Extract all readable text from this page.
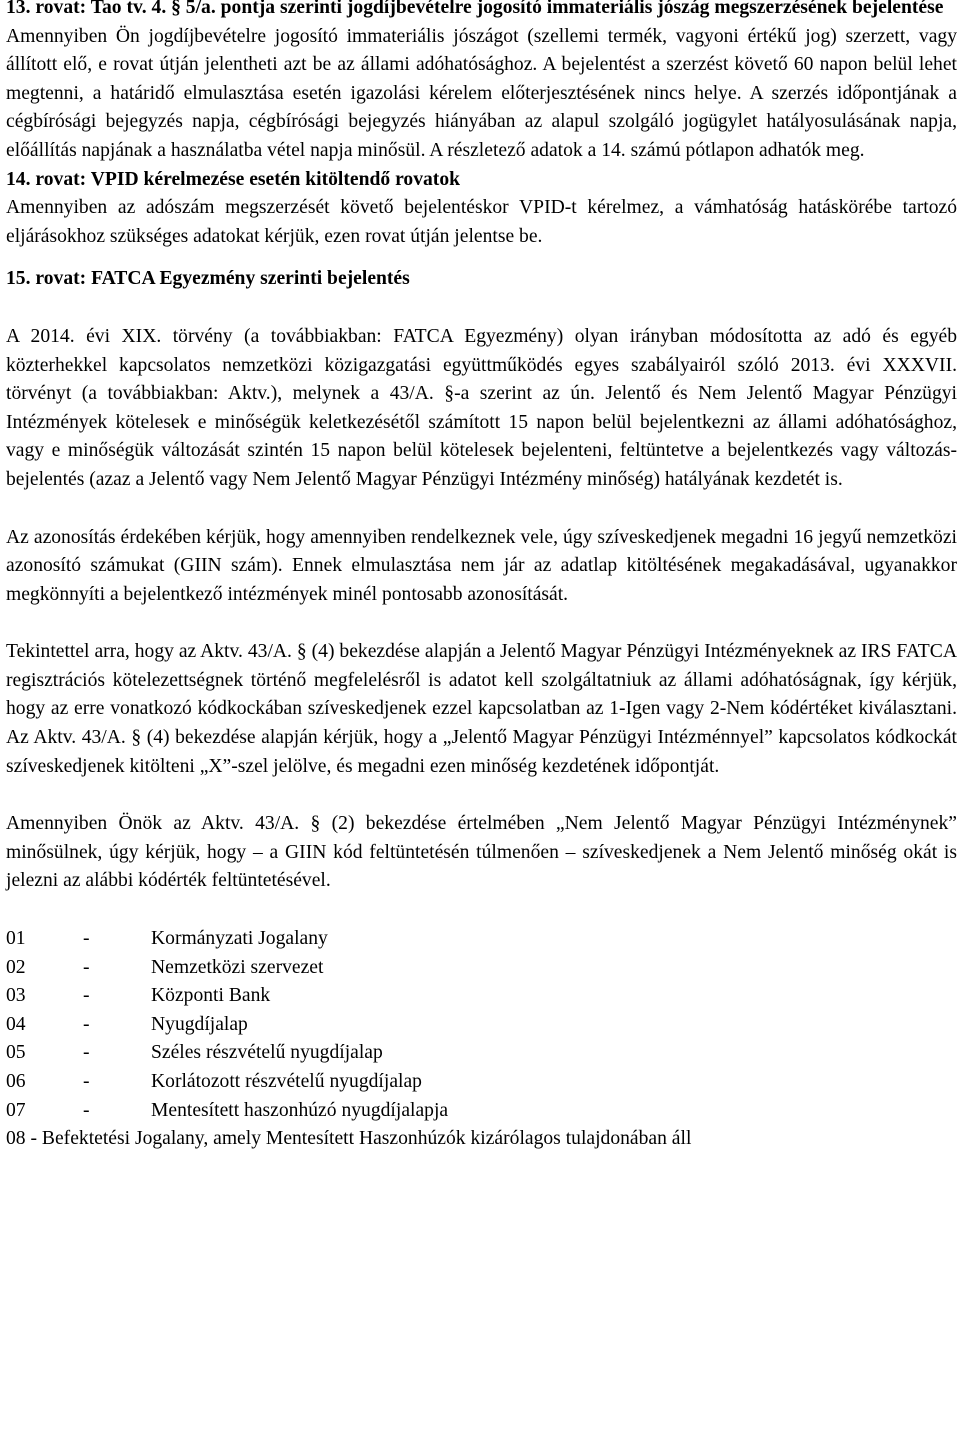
13. rovat: Tao tv. 4. § 5/a. pontja szerinti jogdíjbevételre jogosító immateriális jószág megszerzésének bejelentése

Amennyiben Ön jogdíjbevételre jogosító immateriális jószágot (szellemi termék, vagyoni értékű jog) szerzett, vagy állított elő, e rovat útján jelentheti azt be az állami adóhatósághoz. A bejelentést a szerzést követő 60 napon belül lehet megtenni, a határidő elmulasztása esetén igazolási kérelem előterjesztésének nincs helye. A szerzés időpontjának a cégbírósági bejegyzés napja, cégbírósági bejegyzés hiányában az alapul szolgáló jogügylet hatályosulásának napja, előállítás napjának a használatba vétel napja minősül. A részletező adatok a 14. számú pótlapon adhatók meg.

14. rovat: VPID kérelmezése esetén kitöltendő rovatok

Amennyiben az adószám megszerzését követő bejelentéskor VPID-t kérelmez, a vámhatóság hatáskörébe tartozó eljárásokhoz szükséges adatokat kérjük, ezen rovat útján jelentse be.

15. rovat: FATCA Egyezmény szerinti bejelentés

A 2014. évi XIX. törvény (a továbbiakban: FATCA Egyezmény) olyan irányban módosította az adó és egyéb közterhekkel kapcsolatos nemzetközi közigazgatási együttműködés egyes szabályairól szóló 2013. évi XXXVII. törvényt (a továbbiakban: Aktv.), melynek a 43/A. §-a szerint az ún. Jelentő és Nem Jelentő Magyar Pénzügyi Intézmények kötelesek e minőségük keletkezésétől számított 15 napon belül bejelentkezni az állami adóhatósághoz, vagy e minőségük változását szintén 15 napon belül kötelesek bejelenteni, feltüntetve a bejelentkezés vagy változás-bejelentés (azaz a Jelentő vagy Nem Jelentő Magyar Pénzügyi Intézmény minőség) hatályának kezdetét is.

Az azonosítás érdekében kérjük, hogy amennyiben rendelkeznek vele, úgy szíveskedjenek megadni 16 jegyű nemzetközi azonosító számukat (GIIN szám). Ennek elmulasztása nem jár az adatlap kitöltésének megakadásával, ugyanakkor megkönnyíti a bejelentkező intézmények minél pontosabb azonosítását.

Tekintettel arra, hogy az Aktv. 43/A. § (4) bekezdése alapján a Jelentő Magyar Pénzügyi Intézményeknek az IRS FATCA regisztrációs kötelezettségnek történő megfelelésről is adatot kell szolgáltatniuk az állami adóhatóságnak, így kérjük, hogy az erre vonatkozó kódkockában szíveskedjenek ezzel kapcsolatban az 1-Igen vagy 2-Nem kódértéket kiválasztani. Az Aktv. 43/A. § (4) bekezdése alapján kérjük, hogy a „Jelentő Magyar Pénzügyi Intézménnyel” kapcsolatos kódkockát szíveskedjenek kitölteni „X”-szel jelölve, és megadni ezen minőség kezdetének időpontját.

Amennyiben Önök az Aktv. 43/A. § (2) bekezdése értelmében „Nem Jelentő Magyar Pénzügyi Intézménynek” minősülnek, úgy kérjük, hogy – a GIIN kód feltüntetésén túlmenően – szíveskedjenek a Nem Jelentő minőség okát is jelezni az alábbi kódérték feltüntetésével.

01	-	Kormányzati Jogalany
02	-	Nemzetközi szervezet
03	-	Központi Bank
04	-	Nyugdíjalap
05	-	Széles részvételű nyugdíjalap
06	-	Korlátozott részvételű nyugdíjalap
07	-	Mentesített haszonhúzó nyugdíjalapja

08 - Befektetési Jogalany, amely Mentesített Haszonhúzók kizárólagos tulajdonában áll
